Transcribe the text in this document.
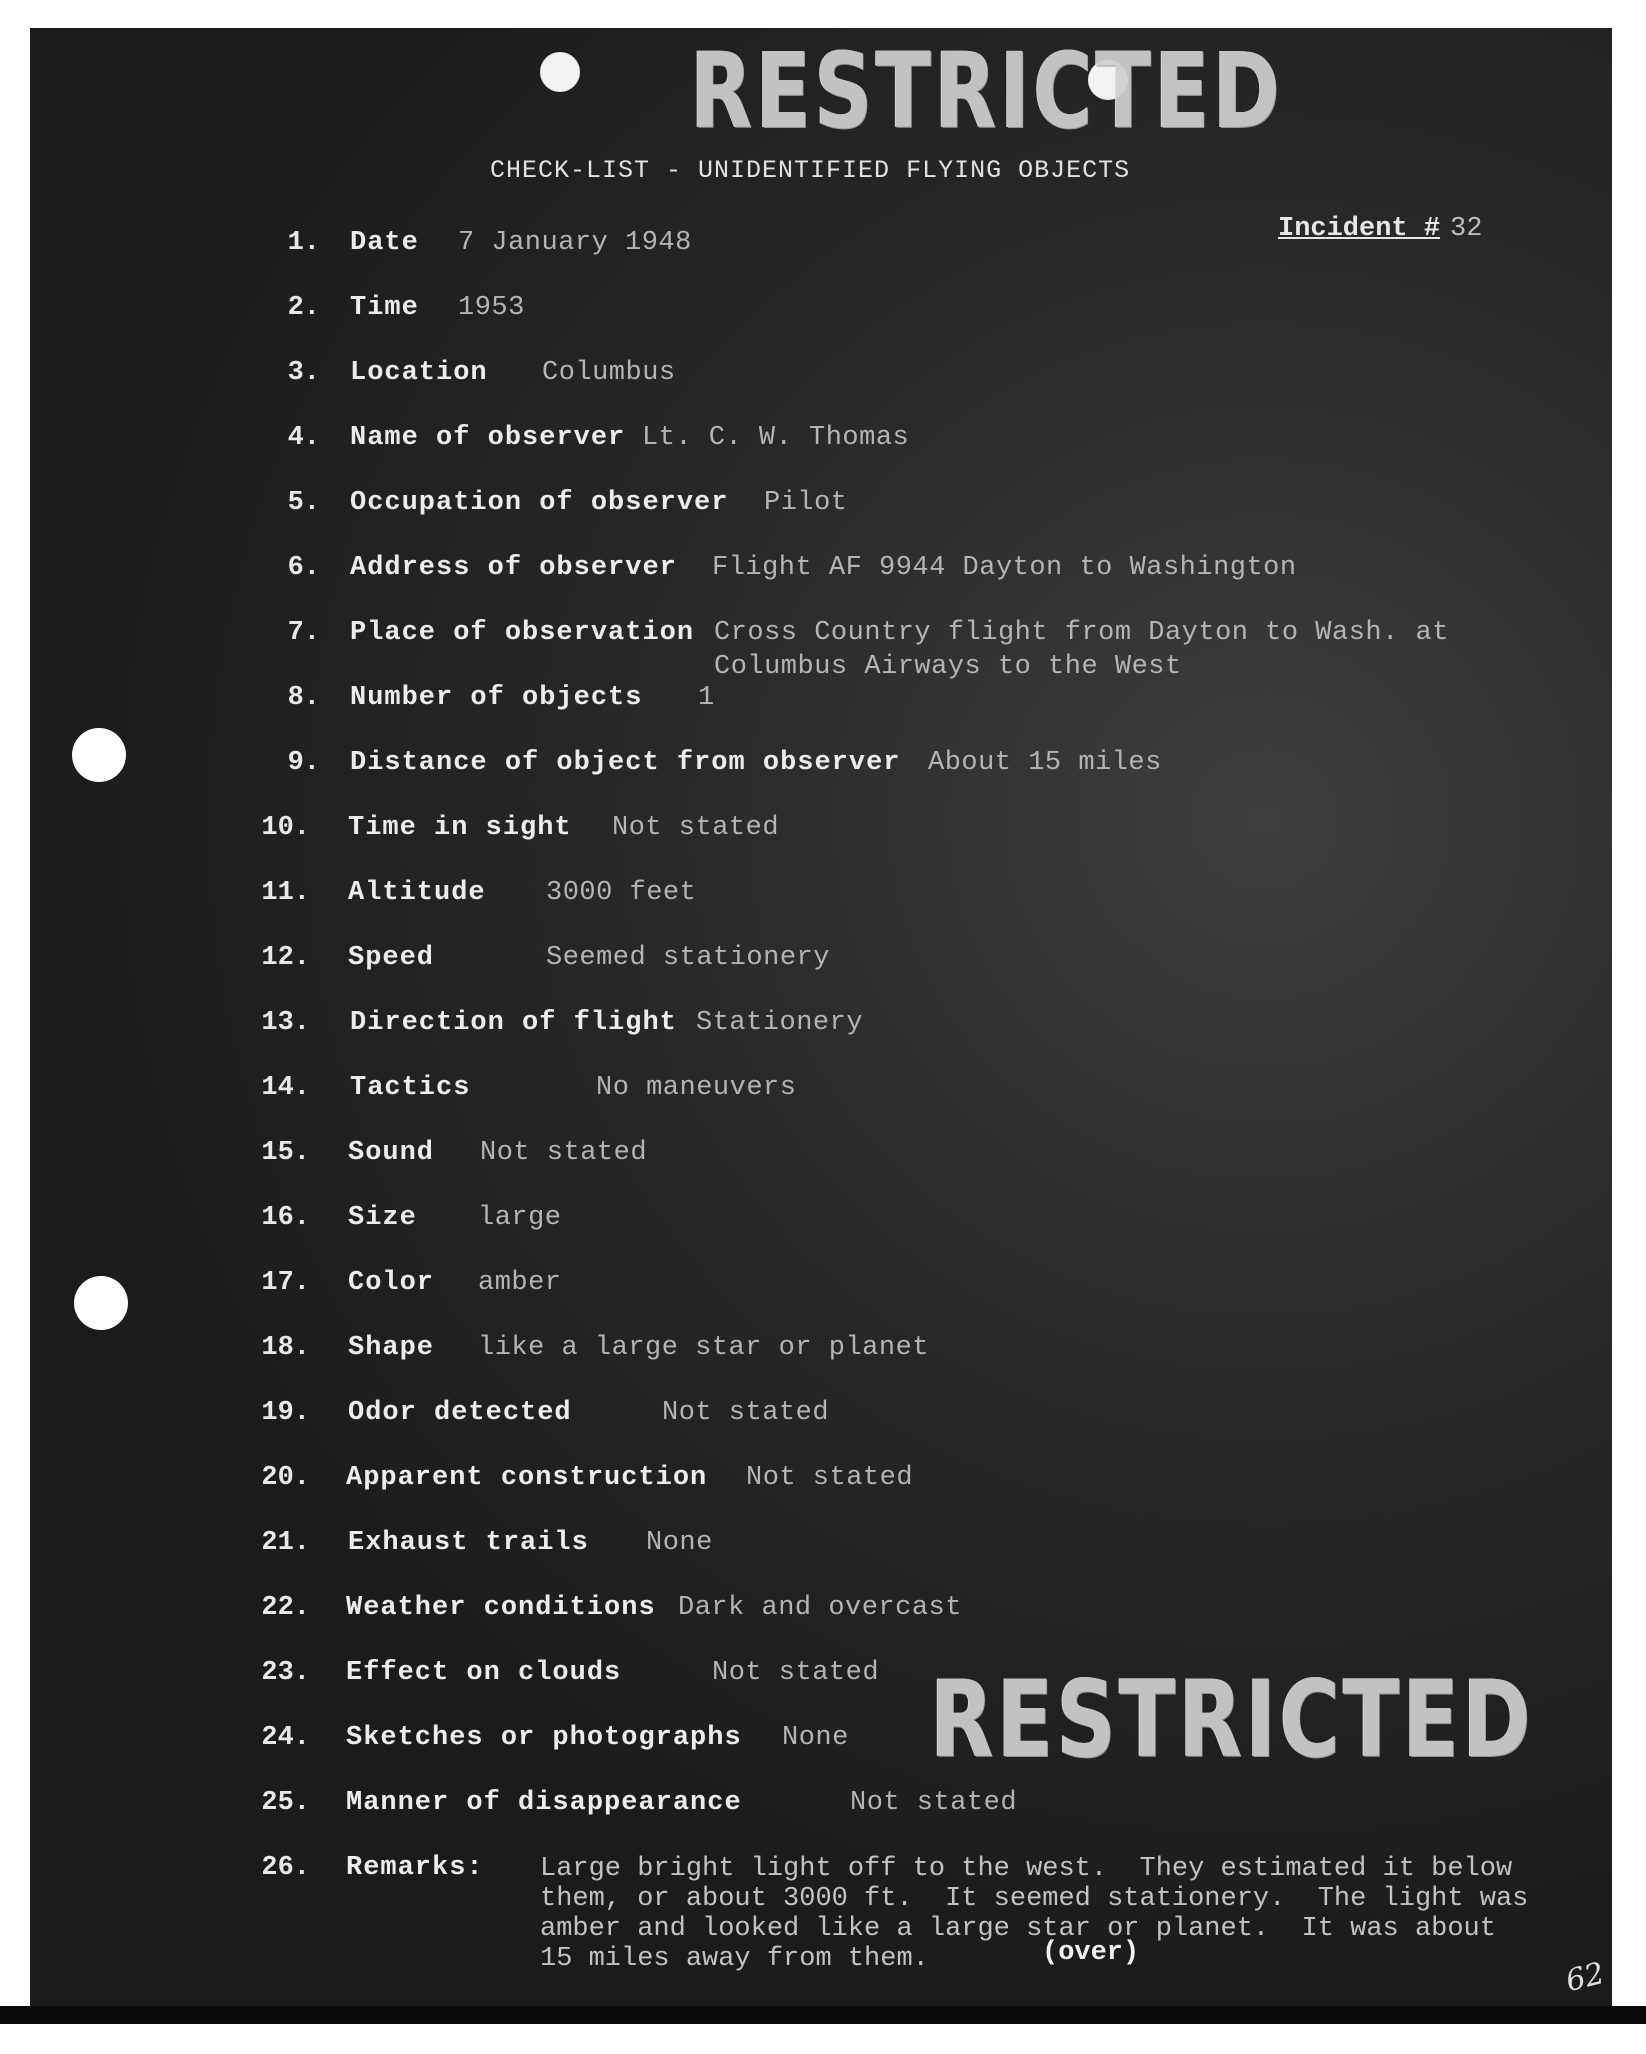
RESTRICTED
CHECK-LIST - UNIDENTIFIED FLYING OBJECTS
Incident # 32
1. Date 7 January 1948
2. Time 1953
3. Location Columbus
4. Name of observer Lt. C. W. Thomas
5. Occupation of observer Pilot
6. Address of observer Flight AF 9944 Dayton to Washington
7. Place of observation Cross Country flight from Dayton to Wash. at
Columbus Airways to the West
8. Number of objects 1
9. Distance of object from observer About 15 miles
10. Time in sight Not stated
11. Altitude 3000 feet
12. Speed	Seemed stationery
13. Direction of flight Stationery
14. Tactics	No maneuvers
15. Sound Not stated
16. Size large
17. Color amber
18. Shape like a large star or planet
19. Odor detected	Not stated
20. Apparent construction Not stated
21. Exhaust trails None
22. Weather conditions Dark and overcast
23. Effect on clouds	Not stated
24. Sketches or photographs None
25. Manner of disappearance	Not stated
26. Remarks: Large bright light off to the west.  They estimated it below
them, or about 3000 ft.  It seemed stationery.  The light was
amber and looked like a large star or planet.  It was about
15 miles away from them.	(over)
RESTRICTED
62
